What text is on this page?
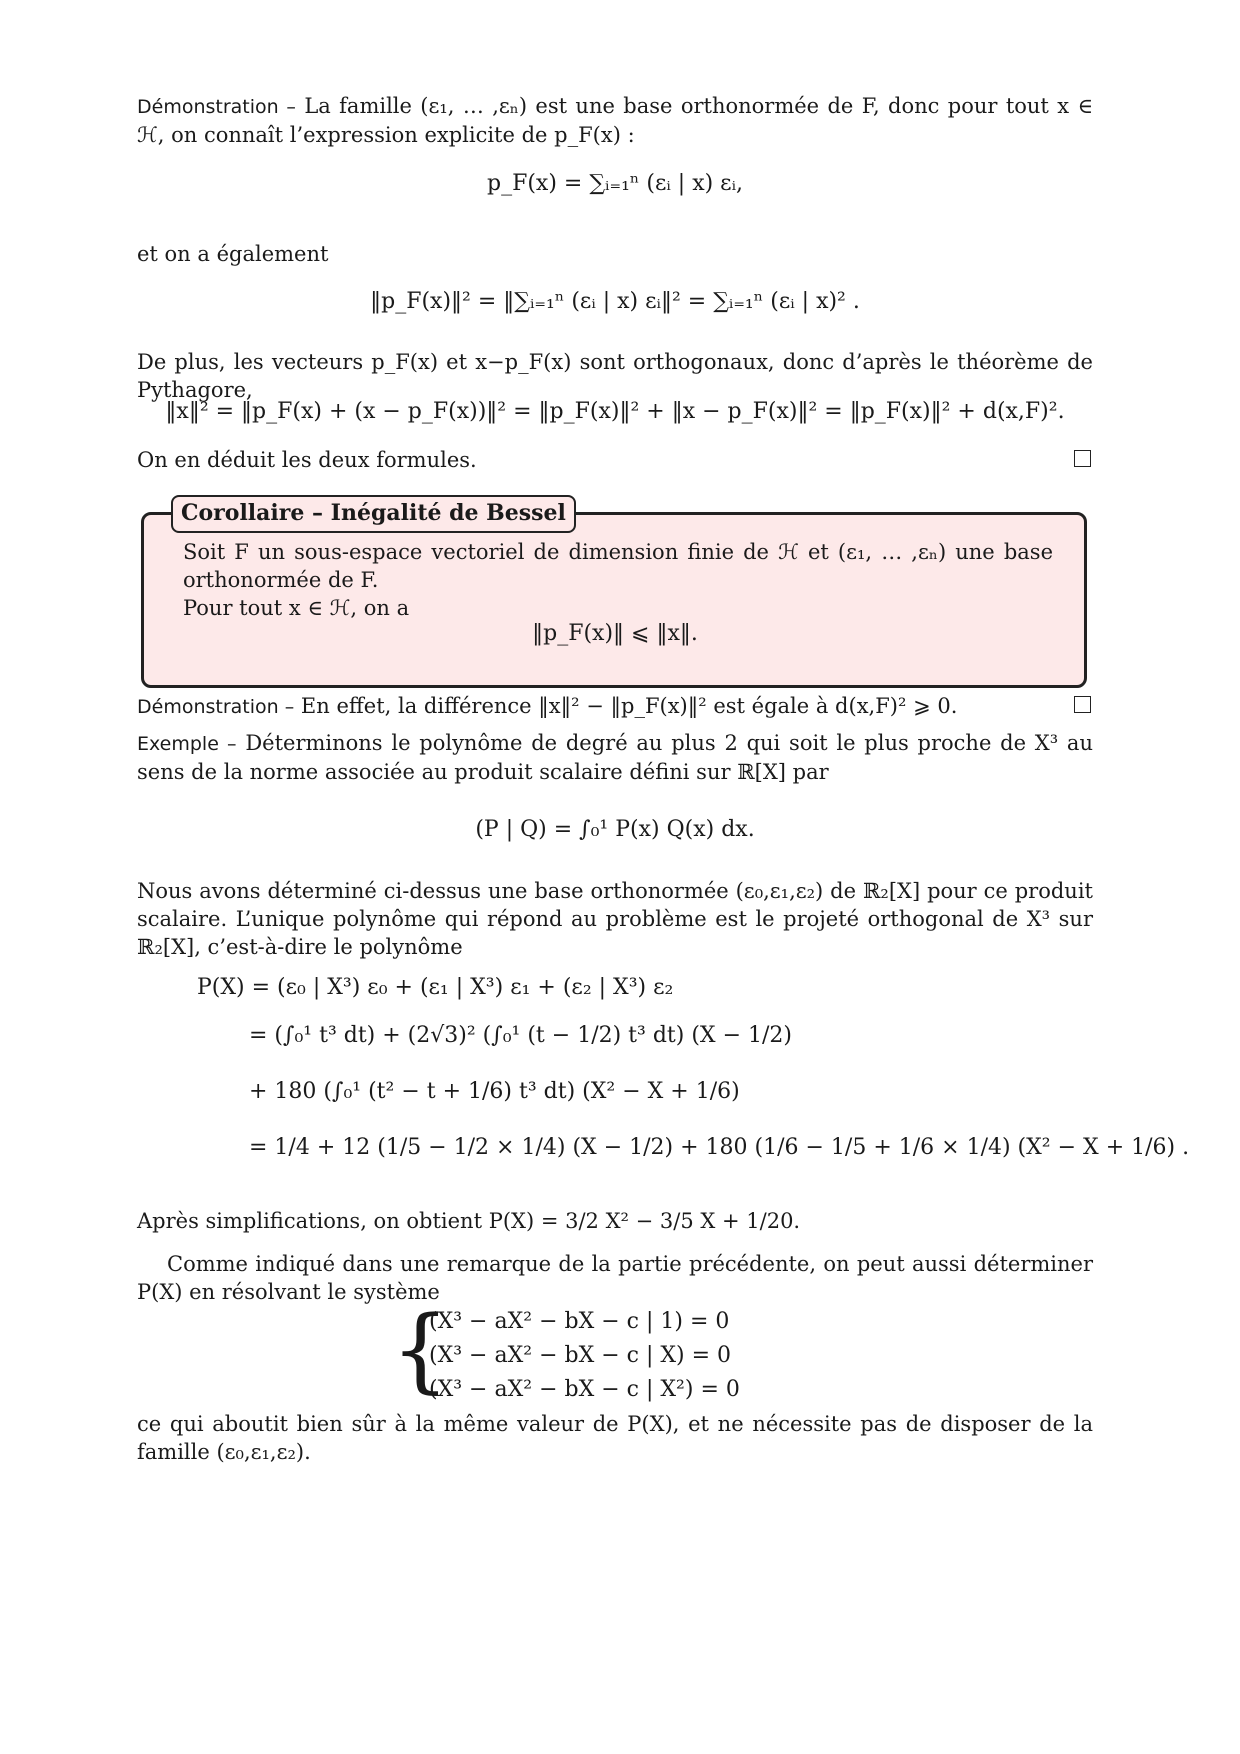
Démonstration – La famille (ε₁, … ,εₙ) est une base orthonormée de F, donc pour tout x ∈ ℋ, on connaît l’expression explicite de p_F(x) :
p_F(x) = ∑ᵢ₌₁ⁿ (εᵢ | x) εᵢ,
et on a également
‖p_F(x)‖² = ‖∑ᵢ₌₁ⁿ (εᵢ | x) εᵢ‖² = ∑ᵢ₌₁ⁿ (εᵢ | x)² .
De plus, les vecteurs p_F(x) et x−p_F(x) sont orthogonaux, donc d’après le théorème de Pythagore,
‖x‖² = ‖p_F(x) + (x − p_F(x))‖² = ‖p_F(x)‖² + ‖x − p_F(x)‖² = ‖p_F(x)‖² + d(x,F)².
On en déduit les deux formules.
Corollaire – Inégalité de Bessel
Soit F un sous-espace vectoriel de dimension finie de ℋ et (ε₁, … ,εₙ) une base orthonormée de F.
Pour tout x ∈ ℋ, on a
‖p_F(x)‖ ⩽ ‖x‖.
Démonstration – En effet, la différence ‖x‖² − ‖p_F(x)‖² est égale à d(x,F)² ⩾ 0.
Exemple – Déterminons le polynôme de degré au plus 2 qui soit le plus proche de X³ au sens de la norme associée au produit scalaire défini sur ℝ[X] par
(P | Q) = ∫₀¹ P(x) Q(x) dx.
Nous avons déterminé ci-dessus une base orthonormée (ε₀,ε₁,ε₂) de ℝ₂[X] pour ce produit scalaire. L’unique polynôme qui répond au problème est le projeté orthogonal de X³ sur ℝ₂[X], c’est-à-dire le polynôme
P(X) = (ε₀ | X³) ε₀ + (ε₁ | X³) ε₁ + (ε₂ | X³) ε₂
= (∫₀¹ t³ dt) + (2√3)² (∫₀¹ (t − 1/2) t³ dt) (X − 1/2)
+ 180 (∫₀¹ (t² − t + 1/6) t³ dt) (X² − X + 1/6)
= 1/4 + 12 (1/5 − 1/2 × 1/4) (X − 1/2) + 180 (1/6 − 1/5 + 1/6 × 1/4) (X² − X + 1/6) .
Après simplifications, on obtient P(X) = 3/2 X² − 3/5 X + 1/20.
Comme indiqué dans une remarque de la partie précédente, on peut aussi déterminer P(X) en résolvant le système
{
(X³ − aX² − bX − c | 1) = 0
(X³ − aX² − bX − c | X) = 0
(X³ − aX² − bX − c | X²) = 0
ce qui aboutit bien sûr à la même valeur de P(X), et ne nécessite pas de disposer de la famille (ε₀,ε₁,ε₂).
